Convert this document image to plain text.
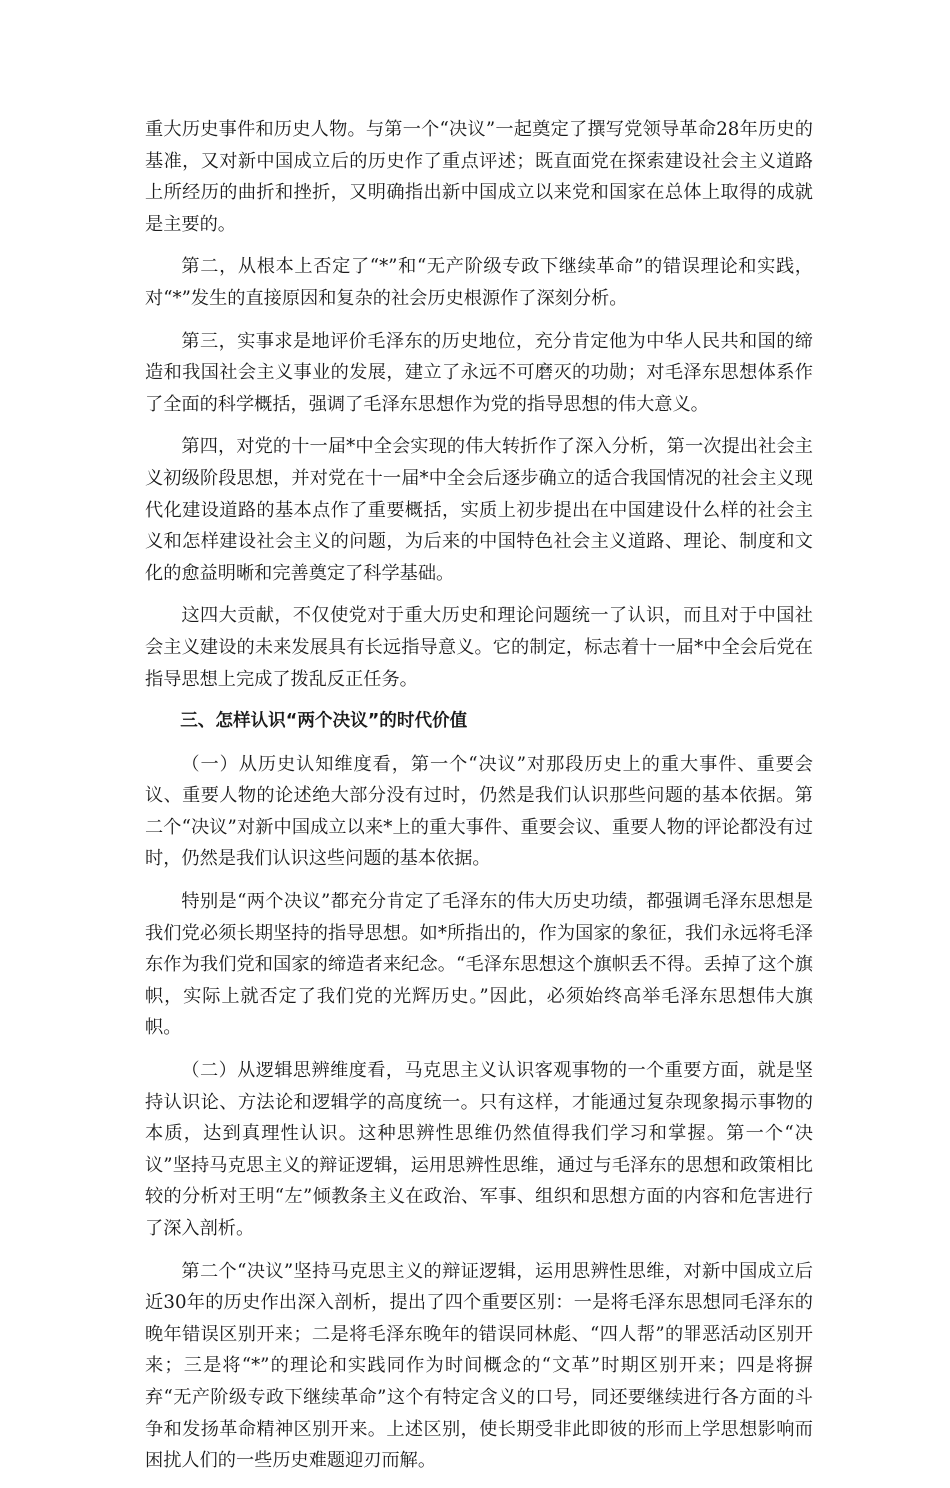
重大历史事件和历史人物。与第一个“决议”一起奠定了撰写党领导革命28年历史的基准，又对新中国成立后的历史作了重点评述；既直面党在探索建设社会主义道路上所经历的曲折和挫折，又明确指出新中国成立以来党和国家在总体上取得的成就是主要的。

第二，从根本上否定了“*”和“无产阶级专政下继续革命”的错误理论和实践，对“*”发生的直接原因和复杂的社会历史根源作了深刻分析。

第三，实事求是地评价毛泽东的历史地位，充分肯定他为中华人民共和国的缔造和我国社会主义事业的发展，建立了永远不可磨灭的功勋；对毛泽东思想体系作了全面的科学概括，强调了毛泽东思想作为党的指导思想的伟大意义。

第四，对党的十一届*中全会实现的伟大转折作了深入分析，第一次提出社会主义初级阶段思想，并对党在十一届*中全会后逐步确立的适合我国情况的社会主义现代化建设道路的基本点作了重要概括，实质上初步提出在中国建设什么样的社会主义和怎样建设社会主义的问题，为后来的中国特色社会主义道路、理论、制度和文化的愈益明晰和完善奠定了科学基础。

这四大贡献，不仅使党对于重大历史和理论问题统一了认识，而且对于中国社会主义建设的未来发展具有长远指导意义。它的制定，标志着十一届*中全会后党在指导思想上完成了拨乱反正任务。

三、怎样认识“两个决议”的时代价值

（一）从历史认知维度看，第一个“决议”对那段历史上的重大事件、重要会议、重要人物的论述绝大部分没有过时，仍然是我们认识那些问题的基本依据。第二个“决议”对新中国成立以来*上的重大事件、重要会议、重要人物的评论都没有过时，仍然是我们认识这些问题的基本依据。

特别是“两个决议”都充分肯定了毛泽东的伟大历史功绩，都强调毛泽东思想是我们党必须长期坚持的指导思想。如*所指出的，作为国家的象征，我们永远将毛泽东作为我们党和国家的缔造者来纪念。“毛泽东思想这个旗帜丢不得。丢掉了这个旗帜，实际上就否定了我们党的光辉历史。”因此，必须始终高举毛泽东思想伟大旗帜。

（二）从逻辑思辨维度看，马克思主义认识客观事物的一个重要方面，就是坚持认识论、方法论和逻辑学的高度统一。只有这样，才能通过复杂现象揭示事物的本质，达到真理性认识。这种思辨性思维仍然值得我们学习和掌握。第一个“决议”坚持马克思主义的辩证逻辑，运用思辨性思维，通过与毛泽东的思想和政策相比较的分析对王明“左”倾教条主义在政治、军事、组织和思想方面的内容和危害进行了深入剖析。

第二个“决议”坚持马克思主义的辩证逻辑，运用思辨性思维，对新中国成立后近30年的历史作出深入剖析，提出了四个重要区别：一是将毛泽东思想同毛泽东的晚年错误区别开来；二是将毛泽东晚年的错误同林彪、“四人帮”的罪恶活动区别开来；三是将“*”的理论和实践同作为时间概念的“文革”时期区别开来；四是将摒弃“无产阶级专政下继续革命”这个有特定含义的口号，同还要继续进行各方面的斗争和发扬革命精神区别开来。上述区别，使长期受非此即彼的形而上学思想影响而困扰人们的一些历史难题迎刃而解。
